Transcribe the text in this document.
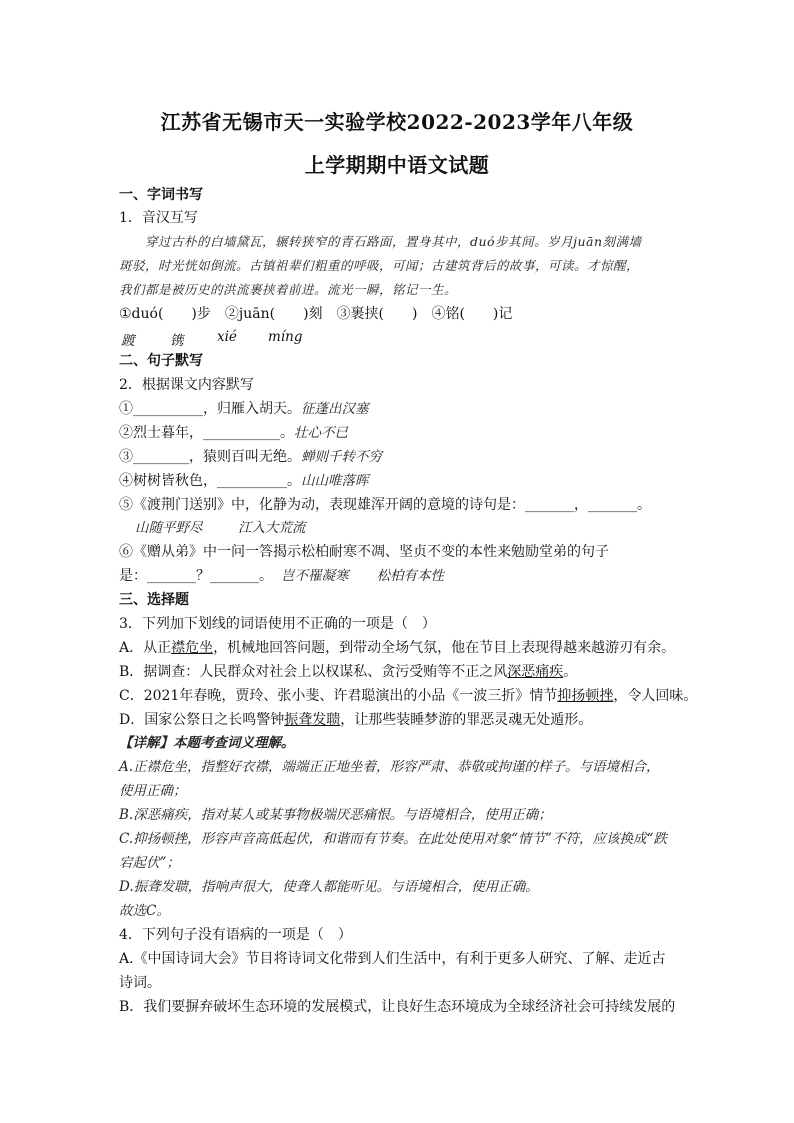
江苏省无锡市天一实验学校2022-2023学年八年级
上学期期中语文试题
一、字词书写
1．音汉互写
穿过古朴的白墙黛瓦，辗转狭窄的青石路面，置身其中，duó步其间。岁月juān刻满墙
斑驳，时光恍如倒流。古镇祖辈们粗重的呼吸，可闻；古建筑背后的故事，可读。才惊醒，
我们都是被历史的洪流裹挟着前进。流光一瞬，铭记一生。
①duó(　　)步　②juān(　　)刻　③裹挟(　　)　④铭(　　)记
踱	镌 xié míng
二、句子默写
2．根据课文内容默写
①__________，归雁入胡天。征蓬出汉塞
②烈士暮年，___________。壮心不已
③________，猿则百叫无绝。蝉则千转不穷
④树树皆秋色，__________。山山唯落晖
⑤《渡荆门送别》中，化静为动，表现雄浑开阔的意境的诗句是：_______，_______。
山随平野尽	江入大荒流
⑥《赠从弟》中一问一答揭示松柏耐寒不凋、坚贞不变的本性来勉励堂弟的句子
是：_______？_______。 岂不罹凝寒 松柏有本性
三、选择题
3．下列加下划线的词语使用不正确的一项是（　）
A．从正襟危坐，机械地回答问题，到带动全场气氛，他在节目上表现得越来越游刃有余。
B．据调查：人民群众对社会上以权谋私、贪污受贿等不正之风深恶痛疾。
C．2021年春晚，贾玲、张小斐、许君聪演出的小品《一波三折》情节抑扬顿挫，令人回味。
D．国家公祭日之长鸣警钟振聋发聩，让那些装睡梦游的罪恶灵魂无处遁形。
【详解】本题考查词义理解。
A.正襟危坐，指整好衣襟，端端正正地坐着，形容严肃、恭敬或拘谨的样子。与语境相合，
使用正确；
B.深恶痛疾，指对某人或某事物极端厌恶痛恨。与语境相合，使用正确；
C.抑扬顿挫，形容声音高低起伏，和谐而有节奏。在此处使用对象“情节”不符，应该换成“跌
宕起伏”；
D.振聋发聩，指响声很大，使聋人都能听见。与语境相合，使用正确。
故选C。
4．下列句子没有语病的一项是（　）
A.《中国诗词大会》节目将诗词文化带到人们生活中，有利于更多人研究、了解、走近古
诗词。
B．我们要摒弃破坏生态环境的发展模式，让良好生态环境成为全球经济社会可持续发展的
